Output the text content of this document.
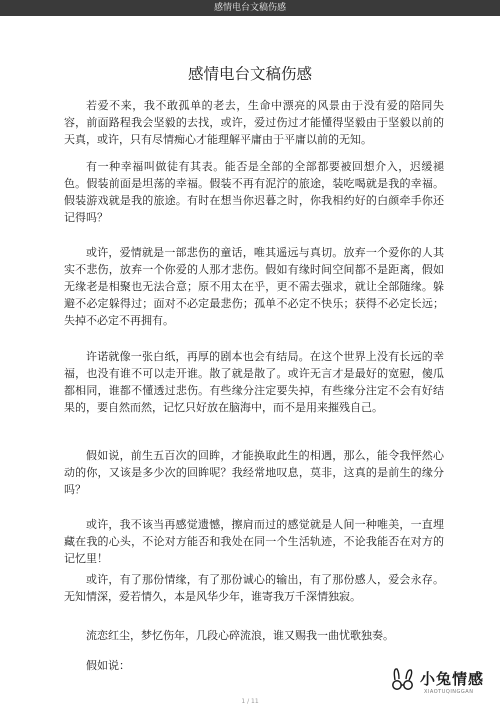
感情电台文稿伤感
感情电台文稿伤感

若爱不来，我不敢孤单的老去，生命中漂亮的风景由于没有爱的陪同失容，前面路程我会坚毅的去找，或许，爱过伤过才能懂得坚毅由于坚毅以前的天真，或许，只有尽情痴心才能理解平庸由于平庸以前的无知。

有一种幸福叫做徒有其表。能否是全部的全部都要被回想介入，迟缓褪色。假装前面是坦荡的幸福。假装不再有泥泞的旅途，装吃喝就是我的幸福。假装游戏就是我的旅途。有时在想当你迟暮之时，你我相约好的白颜牵手你还记得吗？

或许，爱情就是一部悲伤的童话，唯其遥远与真切。放弃一个爱你的人其实不悲伤，放弃一个你爱的人那才悲伤。假如有缘时间空间都不是距离，假如无缘老是相聚也无法合意；原不用太在乎，更不需去强求，就让全部随缘。躲避不必定躲得过；面对不必定最悲伤；孤单不必定不快乐；获得不必定长远；失掉不必定不再拥有。

许诺就像一张白纸，再厚的剧本也会有结局。在这个世界上没有长远的幸福，也没有谁不可以走开谁。散了就是散了。或许无言才是最好的宽慰，傻瓜都相同，谁都不懂透过悲伤。有些缘分注定要失掉，有些缘分注定不会有好结果的，要自然而然，记忆只好放在脑海中，而不是用来摧残自己。

假如说，前生五百次的回眸，才能换取此生的相遇，那么，能令我怦然心动的你，又该是多少次的回眸呢？我经常地叹息，莫非，这真的是前生的缘分吗？

或许，我不该当再感觉遗憾，擦肩而过的感觉就是人间一种唯美，一直埋藏在我的心头，不论对方能否和我处在同一个生活轨迹，不论我能否在对方的记忆里！

或许，有了那份情缘，有了那份诚心的输出，有了那份感人，爱会永存。无知情深，爱若情久，本是风华少年，谁寄我万千深情独寂。

流恋红尘，梦忆伤年，几段心碎流浪，谁又赐我一曲忧歌独奏。

假如说：

1 / 11
小兔情感
XIAOTUQINGGAN
